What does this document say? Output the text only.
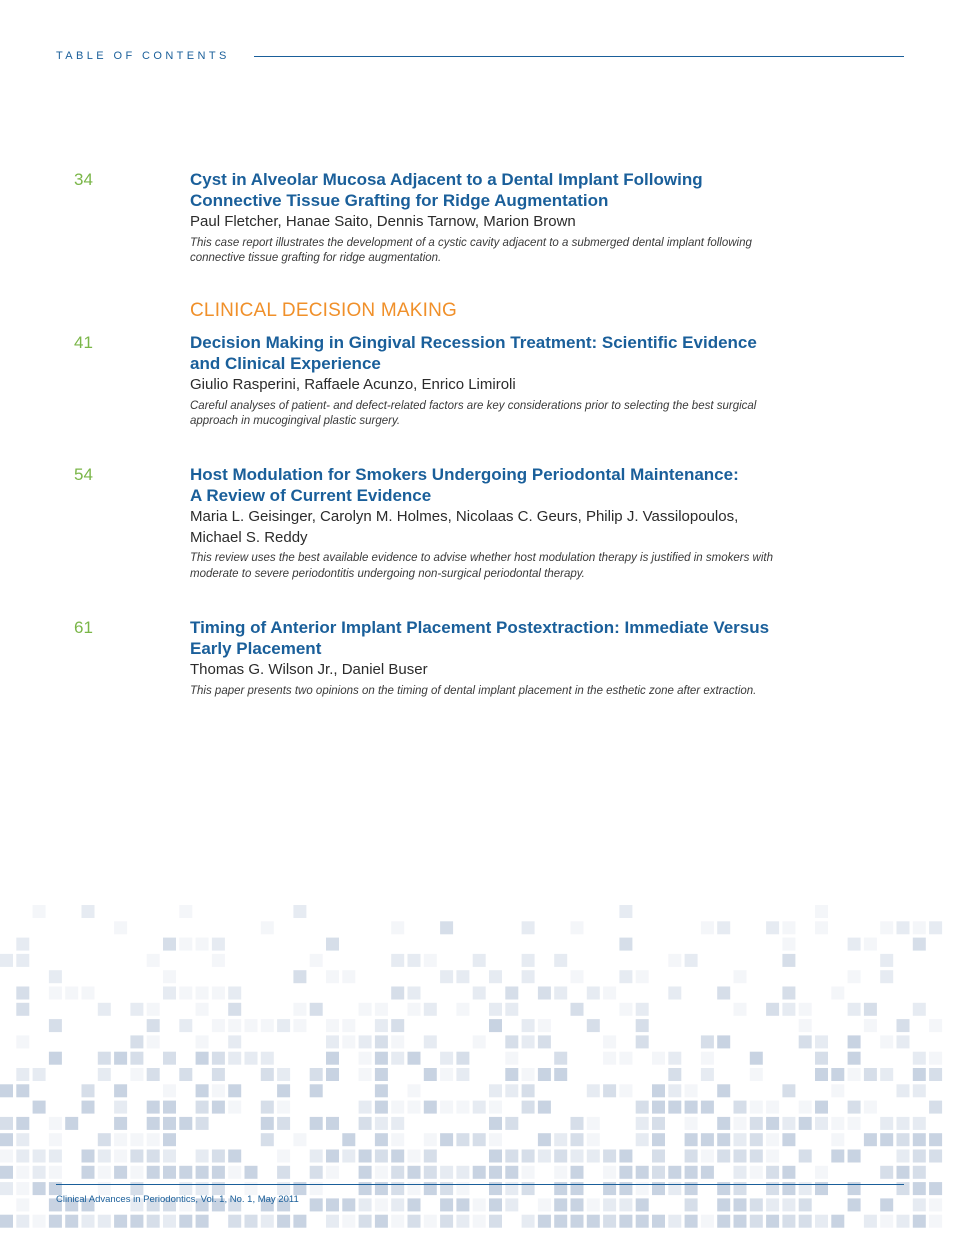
TABLE OF CONTENTS
34	Cyst in Alveolar Mucosa Adjacent to a Dental Implant Following Connective Tissue Grafting for Ridge Augmentation
Paul Fletcher, Hanae Saito, Dennis Tarnow, Marion Brown
This case report illustrates the development of a cystic cavity adjacent to a submerged dental implant following connective tissue grafting for ridge augmentation.
CLINICAL DECISION MAKING
41	Decision Making in Gingival Recession Treatment: Scientific Evidence and Clinical Experience
Giulio Rasperini, Raffaele Acunzo, Enrico Limiroli
Careful analyses of patient- and defect-related factors are key considerations prior to selecting the best surgical approach in mucogingival plastic surgery.
54	Host Modulation for Smokers Undergoing Periodontal Maintenance:
A Review of Current Evidence
Maria L. Geisinger, Carolyn M. Holmes, Nicolaas C. Geurs, Philip J. Vassilopoulos, Michael S. Reddy
This review uses the best available evidence to advise whether host modulation therapy is justified in smokers with moderate to severe periodontitis undergoing non-surgical periodontal therapy.
61	Timing of Anterior Implant Placement Postextraction: Immediate Versus Early Placement
Thomas G. Wilson Jr., Daniel Buser
This paper presents two opinions on the timing of dental implant placement in the esthetic zone after extraction.
Clinical Advances in Periodontics, Vol. 1, No. 1, May 2011
